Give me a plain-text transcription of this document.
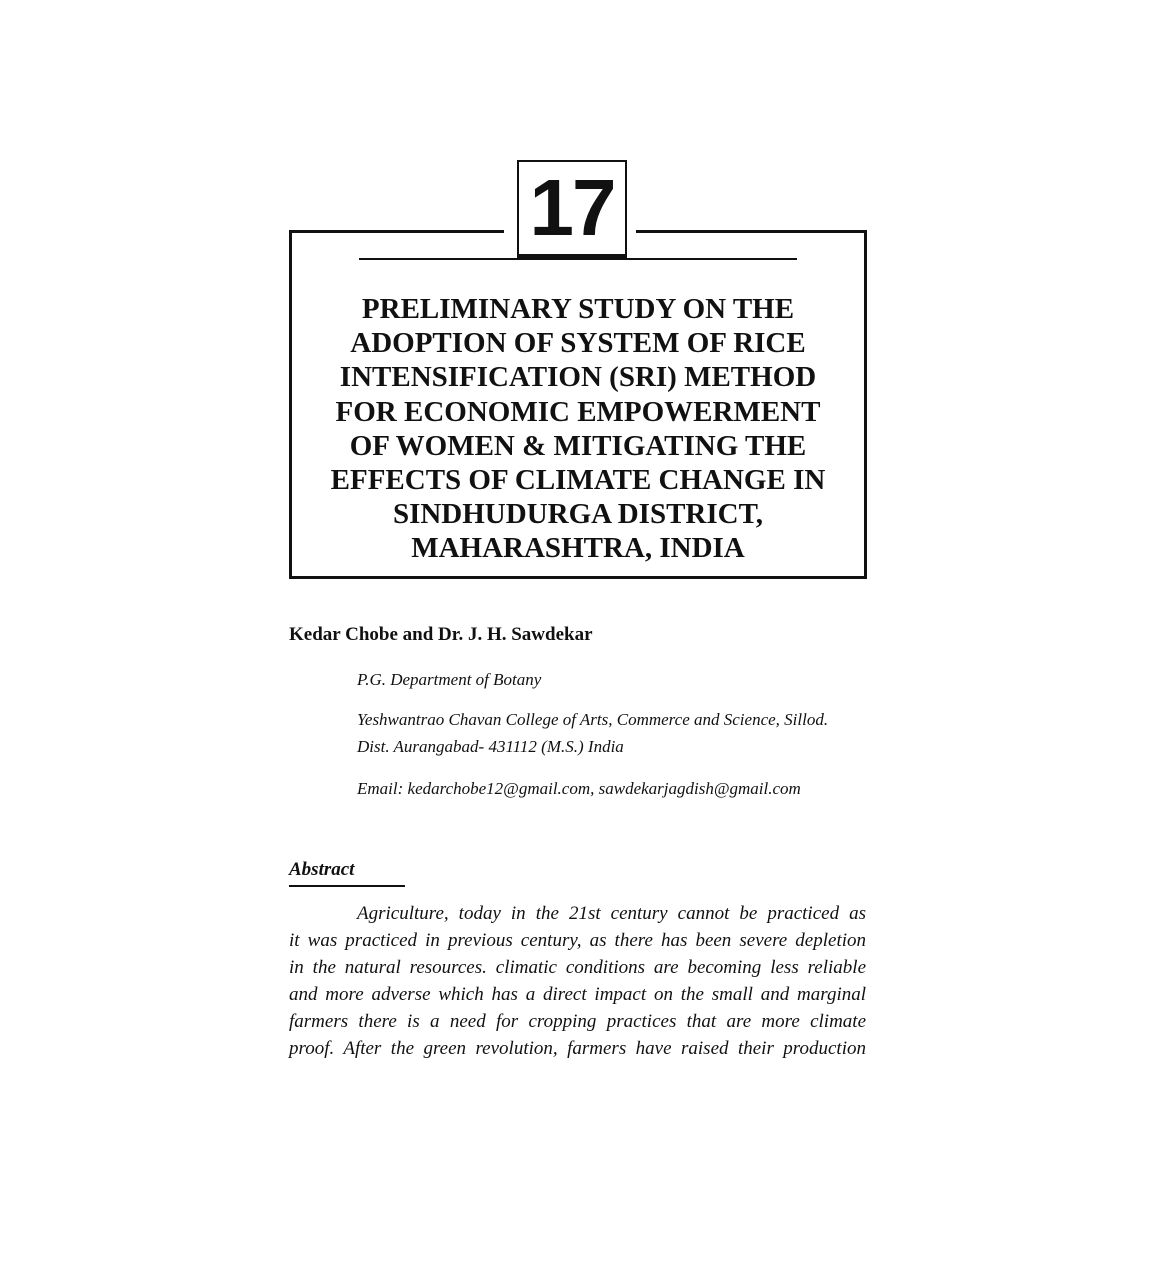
17
PRELIMINARY STUDY ON THE
ADOPTION OF SYSTEM OF RICE
INTENSIFICATION (SRI) METHOD
FOR ECONOMIC EMPOWERMENT
OF WOMEN & MITIGATING THE
EFFECTS OF CLIMATE CHANGE IN
SINDHUDURGA DISTRICT,
MAHARASHTRA, INDIA
Kedar Chobe and Dr. J. H. Sawdekar
P.G. Department of Botany
Yeshwantrao Chavan College of Arts, Commerce and Science, Sillod.
Dist. Aurangabad- 431112 (M.S.) India
Email: kedarchobe12@gmail.com, sawdekarjagdish@gmail.com
Abstract
Agriculture, today in the 21st century cannot be practiced as
it was practiced in previous century, as there has been severe depletion
in the natural resources. climatic conditions are becoming less reliable
and more adverse which has a direct impact on the small and marginal
farmers there is a need for cropping practices that are more climate
proof. After the green revolution, farmers have raised their production
